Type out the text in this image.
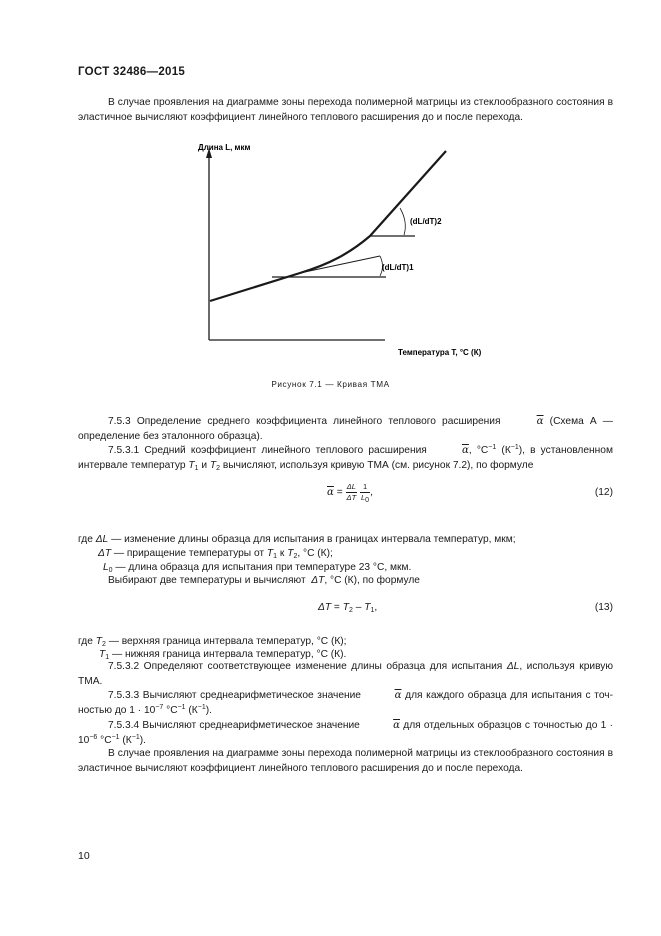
ГОСТ 32486—2015
В случае проявления на диаграмме зоны перехода полимерной матрицы из стеклообразного состояния в эластичное вычисляют коэффициент линейного теплового расширения до и после перехода.
Длина L, мкм
Температура T, °С (К)
(dL/dT)1
(dL/dT)2
Рисунок 7.1 — Кривая ТМА
7.5.3 Определение среднего коэффициента линейного теплового расширения	$\overline{\alpha}$ (Схема А — определение без эталонного образца).
7.5.3.1 Средний коэффициент линейного теплового расширения	$\overline{\alpha}$, $^\circ С^{-1}$ $(К^{-1})$, в установленном интервале температур $T_1$ и $T_2$ вычисляют, используя кривую ТМА (см. рисунок 7.2), по формуле
$\overline{\alpha} = \frac{\Delta L}{\Delta T}$
$\frac{1}{L_0}$ ,	(12)
где ΔL — изменение длины образца для испытания в границах интервала температур, мкм;
ΔT — приращение температуры от $T_1$ к $T_2$, °С (К);
$L_0$ — длина образца для испытания при температуре 23 °С, мкм.
Выбирают две температуры и вычисляют ΔT, °С (К), по формуле
$\Delta T = T_2 - T_1$,	(13)
где $T_2$ — верхняя граница интервала температур, °С (К);
$T_1$ — нижняя граница интервала температур, °С (К).
7.5.3.2 Определяют соответствующее изменение длины образца для испытания ΔL, используя кривую ТМА.
7.5.3.3 Вычисляют среднеарифметическое значение	$\overline{\alpha}$ для каждого образца для испытания с точ- ностью до $1 \cdot 10^{-7}$ $^\circ С^{-1}$ $(К^{-1})$.
7.5.3.4 Вычисляют среднеарифметическое значение	$\overline{\alpha}$ для отдельных образцов с точностью до $1 \cdot 10^{-6}$ $^\circ С^{-1}$ $(К^{-1})$.
В случае проявления на диаграмме зоны перехода полимерной матрицы из стеклообразного состояния в эластичное вычисляют коэффициент линейного теплового расширения до и после перехода.
10
